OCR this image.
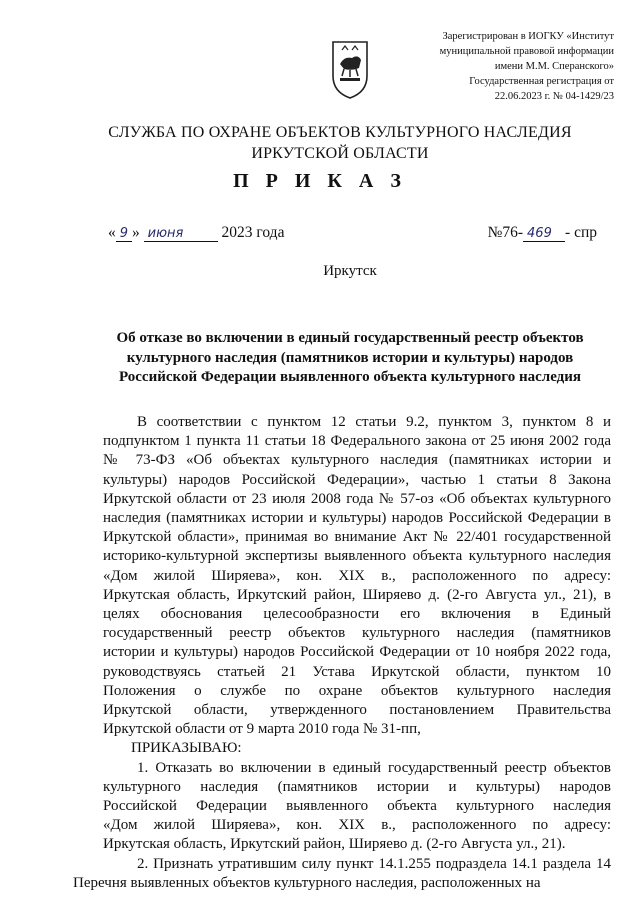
Зарегистрирован в ИОГКУ «Институт
муниципальной правовой информации
имени М.М. Сперанского»
Государственная регистрация от
22.06.2023 г. № 04-1429/23
СЛУЖБА ПО ОХРАНЕ ОБЪЕКТОВ КУЛЬТУРНОГО НАСЛЕДИЯ
ИРКУТСКОЙ ОБЛАСТИ
П Р И К А З
« 9 » июня 2023 года	№76- 469 - спр
Иркутск
Об отказе во включении в единый государственный реестр объектов
культурного наследия (памятников истории и культуры) народов
Российской Федерации выявленного объекта культурного наследия
В соответствии с пунктом 12 статьи 9.2, пунктом 3, пунктом 8 и
подпунктом 1 пункта 11 статьи 18 Федерального закона от 25 июня 2002 года
№ 73-ФЗ «Об объектах культурного наследия (памятниках истории и
культуры) народов Российской Федерации», частью 1 статьи 8 Закона
Иркутской области от 23 июля 2008 года № 57-оз «Об объектах культурного
наследия (памятниках истории и культуры) народов Российской Федерации в
Иркутской области», принимая во внимание Акт № 22/401 государственной
историко-культурной экспертизы выявленного объекта культурного наследия
«Дом жилой Ширяева», кон. XIX в., расположенного по адресу:
Иркутская область, Иркутский район, Ширяево д. (2-го Августа ул., 21), в
целях обоснования целесообразности его включения в Единый
государственный реестр объектов культурного наследия (памятников
истории и культуры) народов Российской Федерации от 10 ноября 2022 года,
руководствуясь статьей 21 Устава Иркутской области, пунктом 10
Положения о службе по охране объектов культурного наследия
Иркутской области, утвержденного постановлением Правительства
Иркутской области от 9 марта 2010 года № 31-пп,
ПРИКАЗЫВАЮ:
1. Отказать во включении в единый государственный реестр объектов
культурного наследия (памятников истории и культуры) народов
Российской Федерации выявленного объекта культурного наследия
«Дом жилой Ширяева», кон. XIX в., расположенного по адресу:
Иркутская область, Иркутский район, Ширяево д. (2-го Августа ул., 21).
2. Признать утратившим силу пункт 14.1.255 подраздела 14.1 раздела 14
Перечня выявленных объектов культурного наследия, расположенных на
